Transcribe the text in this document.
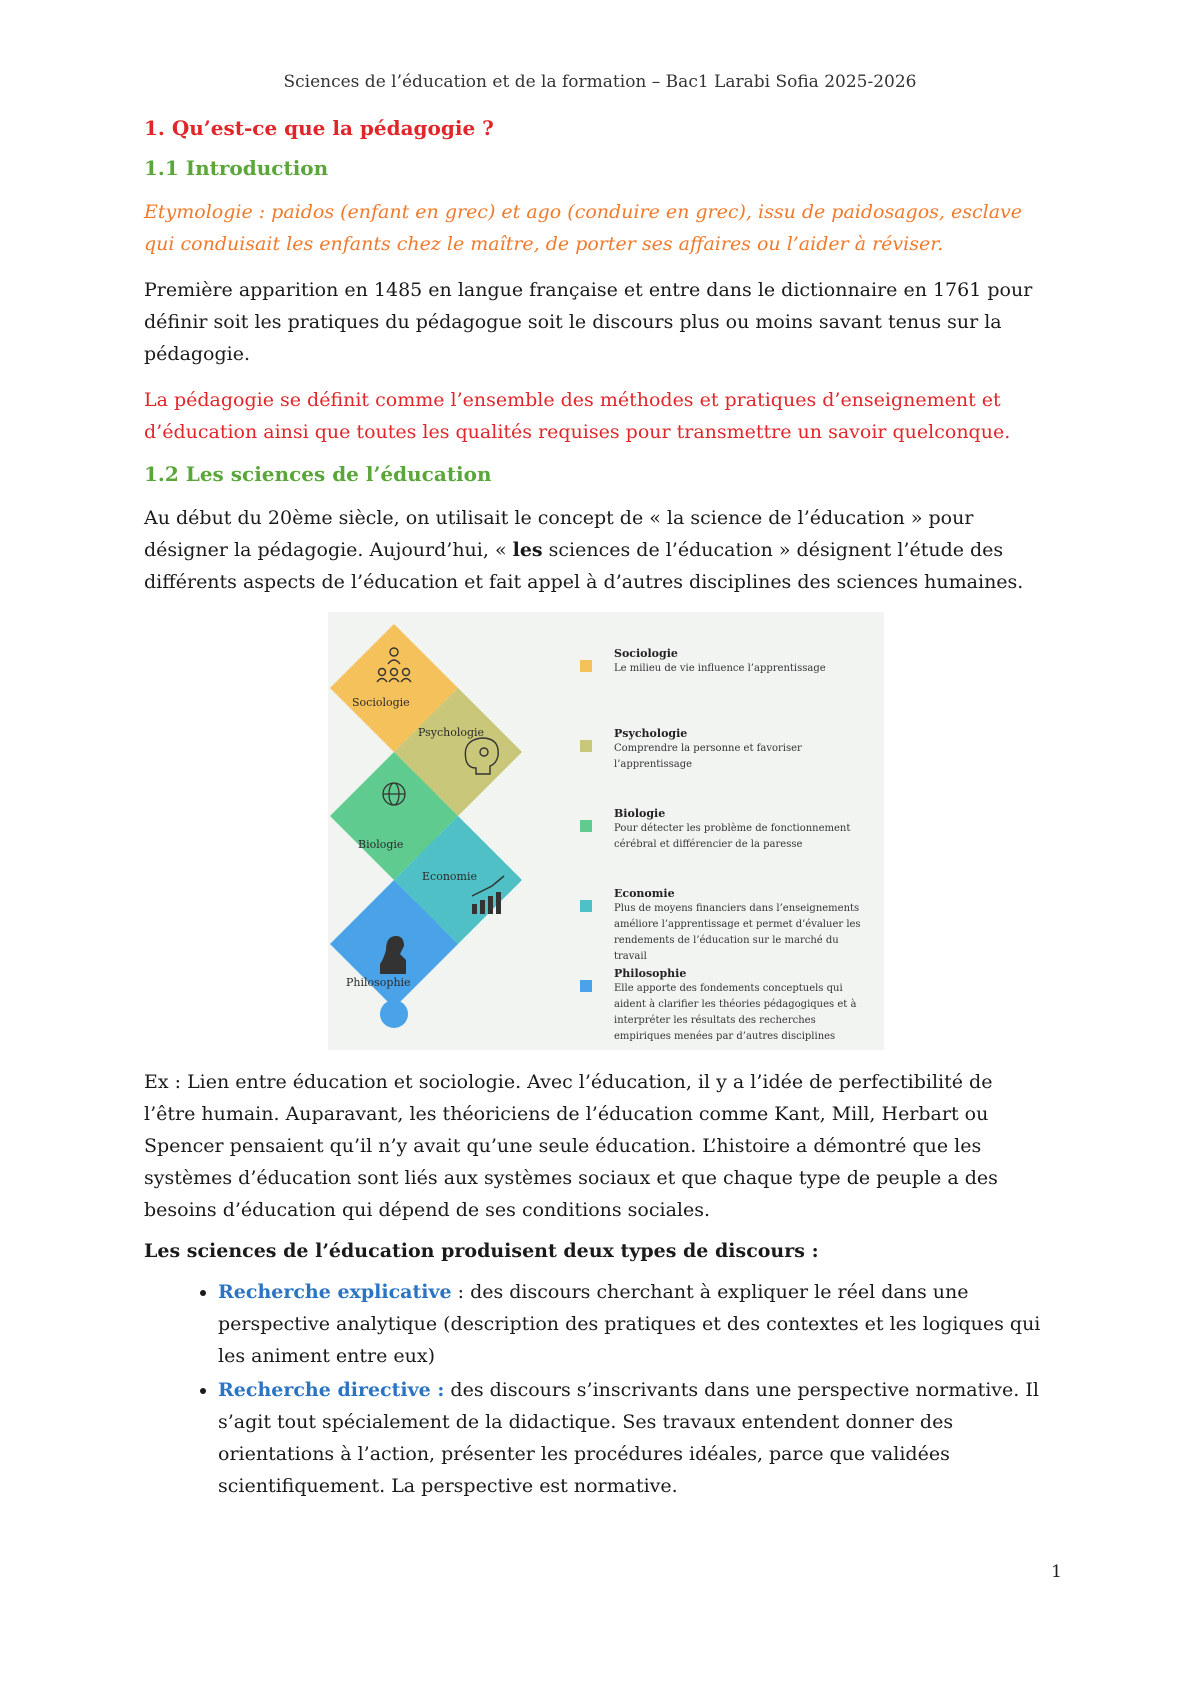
Sciences de l’éducation et de la formation – Bac1 Larabi Sofia 2025-2026
1. Qu’est-ce que la pédagogie ?
1.1 Introduction

Etymologie : paidos (enfant en grec) et ago (conduire en grec), issu de paidosagos, esclave qui conduisait les enfants chez le maître, de porter ses affaires ou l’aider à réviser.

Première apparition en 1485 en langue française et entre dans le dictionnaire en 1761 pour définir soit les pratiques du pédagogue soit le discours plus ou moins savant tenus sur la pédagogie.

La pédagogie se définit comme l’ensemble des méthodes et pratiques d’enseignement et d’éducation ainsi que toutes les qualités requises pour transmettre un savoir quelconque.

1.2 Les sciences de l’éducation

Au début du 20ème siècle, on utilisait le concept de « la science de l’éducation » pour désigner la pédagogie. Aujourd’hui, « les sciences de l’éducation » désignent l’étude des différents aspects de l’éducation et fait appel à d’autres disciplines des sciences humaines.

Sociologie
Psychologie
Biologie
Economie
Philosophie
Sociologie
Le milieu de vie influence l’apprentissage
Psychologie
Comprendre la personne et favoriser l’apprentissage
Biologie
Pour détecter les problème de fonctionnement cérébral et différencier de la paresse
Economie
Plus de moyens financiers dans l’enseignements améliore l’apprentissage et permet d’évaluer les rendements de l’éducation sur le marché du travail
Philosophie
Elle apporte des fondements conceptuels qui aident à clarifier les théories pédagogiques et à interpréter les résultats des recherches empiriques menées par d’autres disciplines

Ex : Lien entre éducation et sociologie. Avec l’éducation, il y a l’idée de perfectibilité de l’être humain. Auparavant, les théoriciens de l’éducation comme Kant, Mill, Herbart ou Spencer pensaient qu’il n’y avait qu’une seule éducation. L’histoire a démontré que les systèmes d’éducation sont liés aux systèmes sociaux et que chaque type de peuple a des besoins d’éducation qui dépend de ses conditions sociales.

Les sciences de l’éducation produisent deux types de discours :
• Recherche explicative : des discours cherchant à expliquer le réel dans une perspective analytique (description des pratiques et des contextes et les logiques qui les animent entre eux)
• Recherche directive : des discours s’inscrivants dans une perspective normative. Il s’agit tout spécialement de la didactique. Ses travaux entendent donner des orientations à l’action, présenter les procédures idéales, parce que validées scientifiquement. La perspective est normative.
1
